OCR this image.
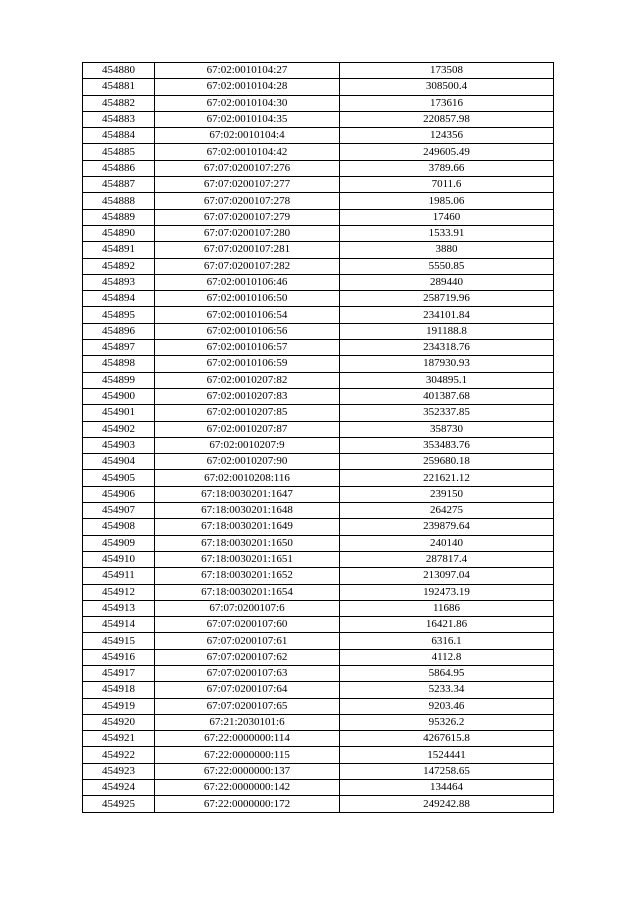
454880	67:02:0010104:27	173508
454881	67:02:0010104:28	308500.4
454882	67:02:0010104:30	173616
454883	67:02:0010104:35	220857.98
454884	67:02:0010104:4	124356
454885	67:02:0010104:42	249605.49
454886	67:07:0200107:276	3789.66
454887	67:07:0200107:277	7011.6
454888	67:07:0200107:278	1985.06
454889	67:07:0200107:279	17460
454890	67:07:0200107:280	1533.91
454891	67:07:0200107:281	3880
454892	67:07:0200107:282	5550.85
454893	67:02:0010106:46	289440
454894	67:02:0010106:50	258719.96
454895	67:02:0010106:54	234101.84
454896	67:02:0010106:56	191188.8
454897	67:02:0010106:57	234318.76
454898	67:02:0010106:59	187930.93
454899	67:02:0010207:82	304895.1
454900	67:02:0010207:83	401387.68
454901	67:02:0010207:85	352337.85
454902	67:02:0010207:87	358730
454903	67:02:0010207:9	353483.76
454904	67:02:0010207:90	259680.18
454905	67:02:0010208:116	221621.12
454906	67:18:0030201:1647	239150
454907	67:18:0030201:1648	264275
454908	67:18:0030201:1649	239879.64
454909	67:18:0030201:1650	240140
454910	67:18:0030201:1651	287817.4
454911	67:18:0030201:1652	213097.04
454912	67:18:0030201:1654	192473.19
454913	67:07:0200107:6	11686
454914	67:07:0200107:60	16421.86
454915	67:07:0200107:61	6316.1
454916	67:07:0200107:62	4112.8
454917	67:07:0200107:63	5864.95
454918	67:07:0200107:64	5233.34
454919	67:07:0200107:65	9203.46
454920	67:21:2030101:6	95326.2
454921	67:22:0000000:114	4267615.8
454922	67:22:0000000:115	1524441
454923	67:22:0000000:137	147258.65
454924	67:22:0000000:142	134464
454925	67:22:0000000:172	249242.88
